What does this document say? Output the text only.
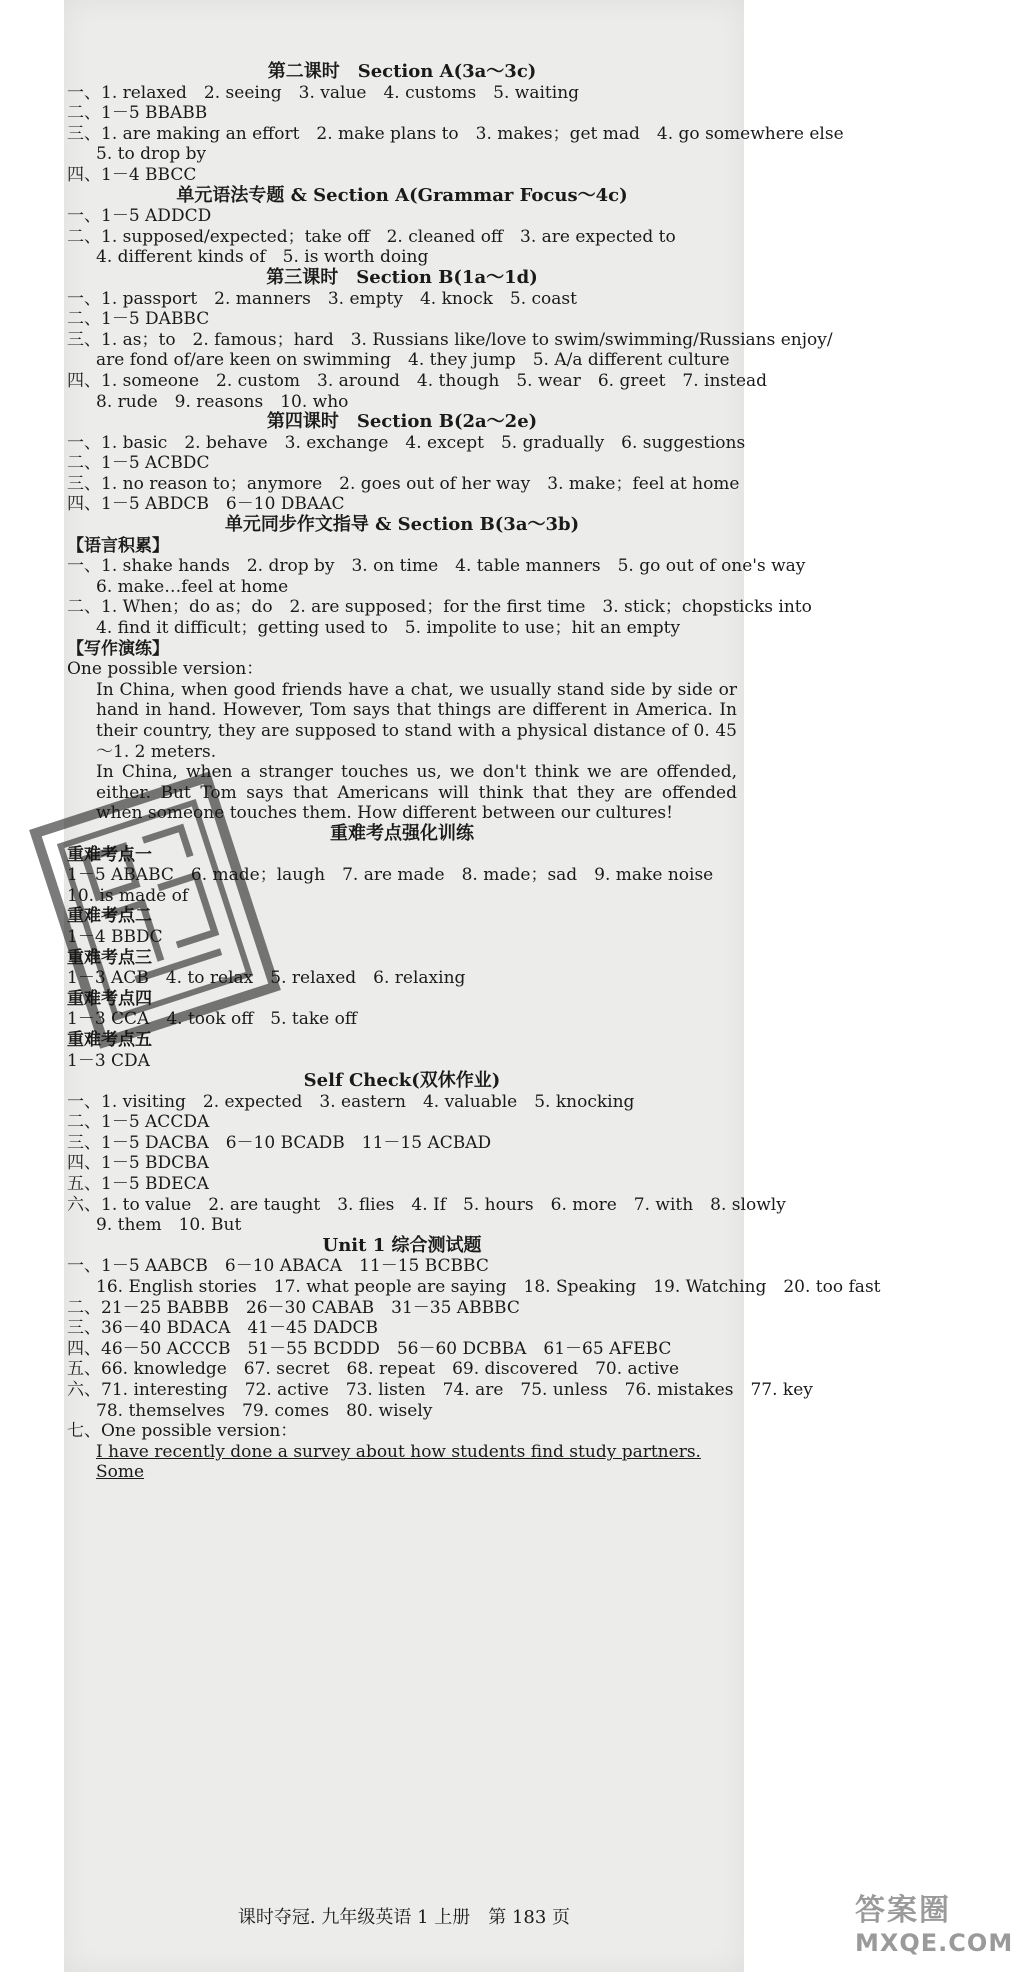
第二课时　Section A(3a～3c)
一、1. relaxed　2. seeing　3. value　4. customs　5. waiting
二、1－5 BBABB
三、1. are making an effort　2. make plans to　3. makes；get mad　4. go somewhere else
5. to drop by
四、1－4 BBCC
单元语法专题 & Section A(Grammar Focus～4c)
一、1－5 ADDCD
二、1. supposed/expected；take off　2. cleaned off　3. are expected to
4. different kinds of　5. is worth doing
第三课时　Section B(1a～1d)
一、1. passport　2. manners　3. empty　4. knock　5. coast
二、1－5 DABBC
三、1. as；to　2. famous；hard　3. Russians like/love to swim/swimming/Russians enjoy/
are fond of/are keen on swimming　4. they jump　5. A/a different culture
四、1. someone　2. custom　3. around　4. though　5. wear　6. greet　7. instead
8. rude　9. reasons　10. who
第四课时　Section B(2a～2e)
一、1. basic　2. behave　3. exchange　4. except　5. gradually　6. suggestions
二、1－5 ACBDC
三、1. no reason to；anymore　2. goes out of her way　3. make；feel at home
四、1－5 ABDCB　6－10 DBAAC
单元同步作文指导 & Section B(3a～3b)
【语言积累】
一、1. shake hands　2. drop by　3. on time　4. table manners　5. go out of one's way
6. make…feel at home
二、1. When；do as；do　2. are supposed；for the first time　3. stick；chopsticks into
4. find it difficult；getting used to　5. impolite to use；hit an empty
【写作演练】
One possible version：
In China, when good friends have a chat, we usually stand side by side or hand in hand. However, Tom says that things are different in America. In their country, they are supposed to stand with a physical distance of 0. 45～1. 2 meters.
In China, when a stranger touches us, we don't think we are offended, either. But Tom says that Americans will think that they are offended when someone touches them. How different between our cultures!
重难考点强化训练
重难考点一
1－5 ABABC　6. made；laugh　7. are made　8. made；sad　9. make noise
10. is made of
重难考点二
1－4 BBDC
重难考点三
1－3 ACB　4. to relax　5. relaxed　6. relaxing
重难考点四
1－3 CCA　4. took off　5. take off
重难考点五
1－3 CDA
Self Check(双休作业)
一、1. visiting　2. expected　3. eastern　4. valuable　5. knocking
二、1－5 ACCDA
三、1－5 DACBA　6－10 BCADB　11－15 ACBAD
四、1－5 BDCBA
五、1－5 BDECA
六、1. to value　2. are taught　3. flies　4. If　5. hours　6. more　7. with　8. slowly
9. them　10. But
Unit 1 综合测试题
一、1－5 AABCB　6－10 ABACA　11－15 BCBBC
16. English stories　17. what people are saying　18. Speaking　19. Watching　20. too fast
二、21－25 BABBB　26－30 CABAB　31－35 ABBBC
三、36－40 BDACA　41－45 DADCB
四、46－50 ACCCB　51－55 BCDDD　56－60 DCBBA　61－65 AFEBC
五、66. knowledge　67. secret　68. repeat　69. discovered　70. active
六、71. interesting　72. active　73. listen　74. are　75. unless　76. mistakes　77. key
78. themselves　79. comes　80. wisely
七、One possible version：
I have recently done a survey about how students find study partners. Some
课时夺冠. 九年级英语 1 上册　第 183 页	答案圈
MXQE.COM
